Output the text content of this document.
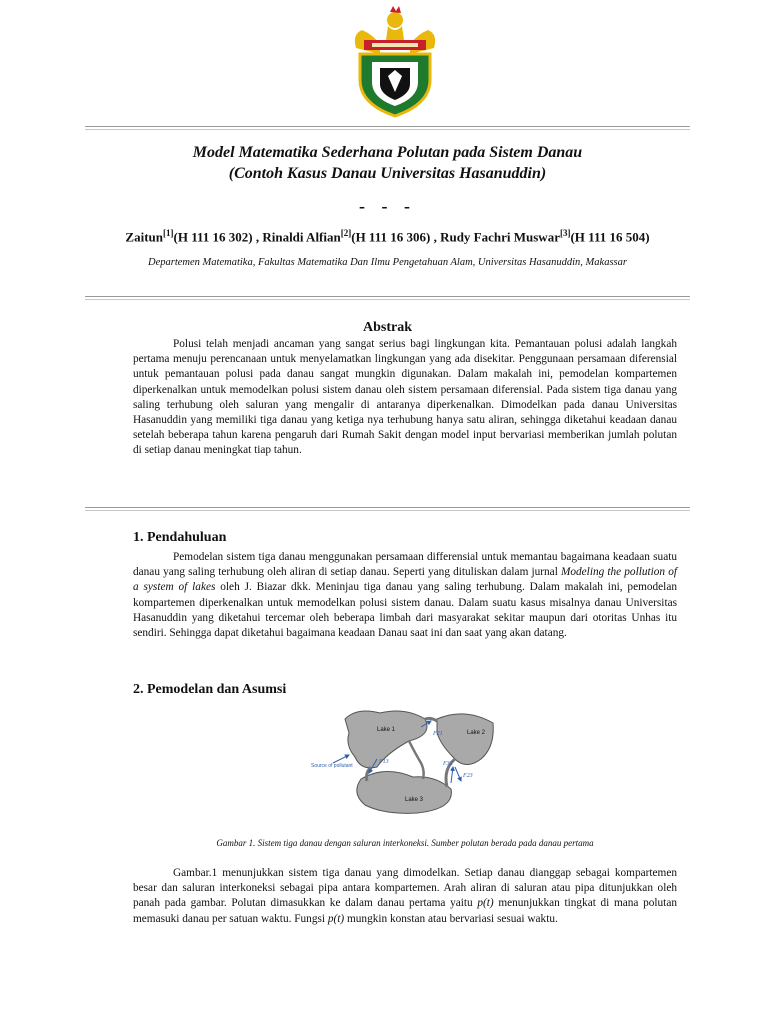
Model Matematika Sederhana Polutan pada Sistem Danau
(Contoh Kasus Danau Universitas Hasanuddin)
- - -
Zaitun[1](H 111 16 302) , Rinaldi Alfian[2](H 111 16 306) , Rudy Fachri Muswar[3](H 111 16 504)
Departemen Matematika, Fakultas Matematika Dan Ilmu Pengetahuan Alam, Universitas Hasanuddin, Makassar
Abstrak
Polusi telah menjadi ancaman yang sangat serius bagi lingkungan kita. Pemantauan polusi adalah langkah pertama menuju perencanaan untuk menyelamatkan lingkungan yang ada disekitar. Penggunaan persamaan diferensial untuk pemantauan polusi pada danau sangat mungkin digunakan. Dalam makalah ini, pemodelan kompartemen diperkenalkan untuk memodelkan polusi sistem danau oleh sistem persamaan diferensial. Pada sistem tiga danau yang saling terhubung oleh saluran yang mengalir di antaranya diperkenalkan. Dimodelkan pada danau Universitas Hasanuddin yang memiliki tiga danau yang ketiga nya terhubung hanya satu aliran, sehingga diketahui keadaan danau setelah beberapa tahun karena pengaruh dari Rumah Sakit dengan model input bervariasi memberikan jumlah polutan di setiap danau meningkat tiap tahun.
1. Pendahuluan
Pemodelan sistem tiga danau menggunakan persamaan differensial untuk memantau bagaimana keadaan suatu danau yang saling terhubung oleh aliran di setiap danau. Seperti yang dituliskan dalam jurnal Modeling the pollution of a system of lakes oleh J. Biazar dkk. Meninjau tiga danau yang saling terhubung. Dalam makalah ini, pemodelan kompartemen diperkenalkan untuk memodelkan polusi sistem danau. Dalam suatu kasus misalnya danau Universitas Hasanuddin yang diketahui tercemar oleh beberapa limbah dari masyarakat sekitar maupun dari otoritas Unhas itu sendiri. Sehingga dapat diketahui bagaimana keadaan Danau saat ini dan saat yang akan datang.
2. Pemodelan dan Asumsi
Lake 1	Lake 2
Lake 3
Source of pollutant
F21
F13	F32
F23
Gambar 1. Sistem tiga danau dengan saluran interkoneksi. Sumber polutan berada pada danau pertama
Gambar.1 menunjukkan sistem tiga danau yang dimodelkan. Setiap danau dianggap sebagai kompartemen besar dan saluran interkoneksi sebagai pipa antara kompartemen. Arah aliran di saluran atau pipa ditunjukkan oleh panah pada gambar. Polutan dimasukkan ke dalam danau pertama yaitu p(t) menunjukkan tingkat di mana polutan memasuki danau per satuan waktu. Fungsi p(t) mungkin konstan atau bervariasi sesuai waktu.
